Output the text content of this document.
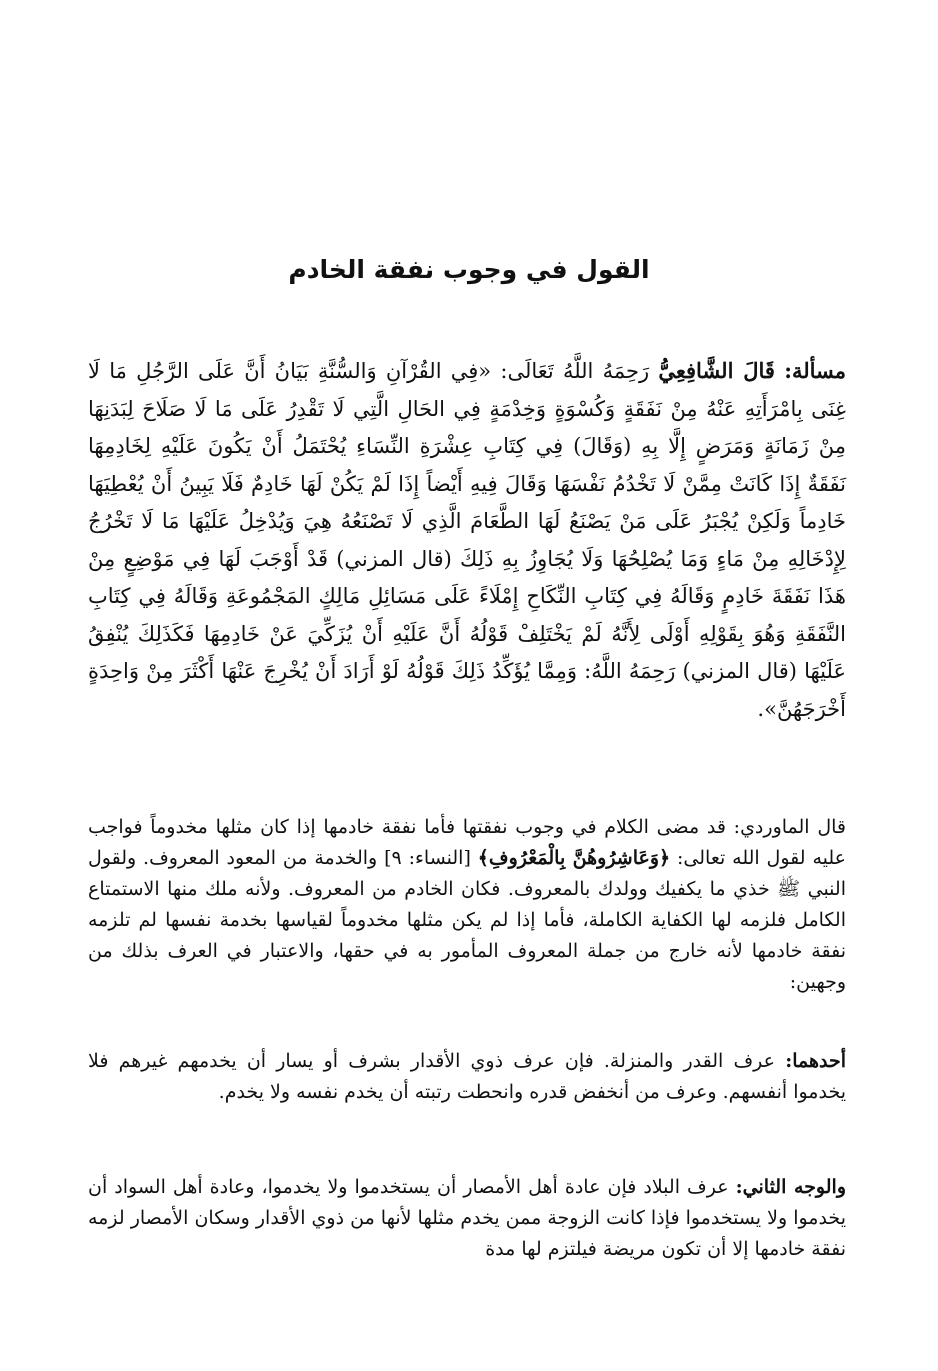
القول في وجوب نفقة الخادم

مسألة: قَالَ الشَّافِعِيُّ رَحِمَهُ اللَّهُ تَعَالَى: «فِي القُرْآنِ وَالسُّنَّةِ بَيَانُ أَنَّ عَلَى الرَّجُلِ مَا لَا غِنَى بِامْرَأَتِهِ عَنْهُ مِنْ نَفَقَةٍ وَكُسْوَةٍ وَخِدْمَةٍ فِي الحَالِ الَّتِي لَا تَقْدِرُ عَلَى مَا لَا صَلَاحَ لِبَدَنِهَا مِنْ زَمَانَةٍ وَمَرَضٍ إِلَّا بِهِ (وَقَالَ) فِي كِتَابِ عِشْرَةِ النِّسَاءِ يُحْتَمَلُ أَنْ يَكُونَ عَلَيْهِ لِخَادِمِهَا نَفَقَةٌ إِذَا كَانَتْ مِمَّنْ لَا تَخْدُمُ نَفْسَهَا وَقَالَ فِيهِ أَيْضاً إِذَا لَمْ يَكُنْ لَهَا خَادِمٌ فَلَا يَبِينُ أَنْ يُعْطِيَهَا خَادِماً وَلَكِنْ يُجْبَرُ عَلَى مَنْ يَصْنَعُ لَهَا الطَّعَامَ الَّذِي لَا تَصْنَعُهُ هِيَ وَيُدْخِلُ عَلَيْهَا مَا لَا تَخْرُجُ لِإِدْخَالِهِ مِنْ مَاءٍ وَمَا يُصْلِحُهَا وَلَا يُجَاوِزُ بِهِ ذَلِكَ (قال المزني) قَدْ أَوْجَبَ لَهَا فِي مَوْضِعٍ مِنْ هَذَا نَفَقَةَ خَادِمٍ وَقَالَهُ فِي كِتَابِ النِّكَاحِ إِمْلَاءً عَلَى مَسَائِلِ مَالِكٍ المَجْمُوعَةِ وَقَالَهُ فِي كِتَابِ النَّفَقَةِ وَهُوَ بِقَوْلِهِ أَوْلَى لِأَنَّهُ لَمْ يَخْتَلِفْ قَوْلُهُ أَنَّ عَلَيْهِ أَنْ يُزَكِّيَ عَنْ خَادِمِهَا فَكَذَلِكَ يُنْفِقُ عَلَيْهَا (قال المزني) رَحِمَهُ اللَّهُ: وَمِمَّا يُؤَكِّدُ ذَلِكَ قَوْلُهُ لَوْ أَرَادَ أَنْ يُخْرِجَ عَنْهَا أَكْثَرَ مِنْ وَاحِدَةٍ أَخْرَجَهُنَّ».

قال الماوردي: قد مضى الكلام في وجوب نفقتها فأما نفقة خادمها إذا كان مثلها مخدوماً فواجب عليه لقول الله تعالى: ﴿وَعَاشِرُوهُنَّ بِالْمَعْرُوفِ﴾ [النساء: ٩] والخدمة من المعود المعروف. ولقول النبي ﷺ خذي ما يكفيك وولدك بالمعروف. فكان الخادم من المعروف. ولأنه ملك منها الاستمتاع الكامل فلزمه لها الكفاية الكاملة، فأما إذا لم يكن مثلها مخدوماً لقياسها بخدمة نفسها لم تلزمه نفقة خادمها لأنه خارج من جملة المعروف المأمور به في حقها، والاعتبار في العرف بذلك من وجهين:

أحدهما: عرف القدر والمنزلة. فإن عرف ذوي الأقدار بشرف أو يسار أن يخدمهم غيرهم فلا يخدموا أنفسهم. وعرف من أنخفض قدره وانحطت رتبته أن يخدم نفسه ولا يخدم.

والوجه الثاني: عرف البلاد فإن عادة أهل الأمصار أن يستخدموا ولا يخدموا، وعادة أهل السواد أن يخدموا ولا يستخدموا فإذا كانت الزوجة ممن يخدم مثلها لأنها من ذوي الأقدار وسكان الأمصار لزمه نفقة خادمها إلا أن تكون مريضة فيلتزم لها مدة
